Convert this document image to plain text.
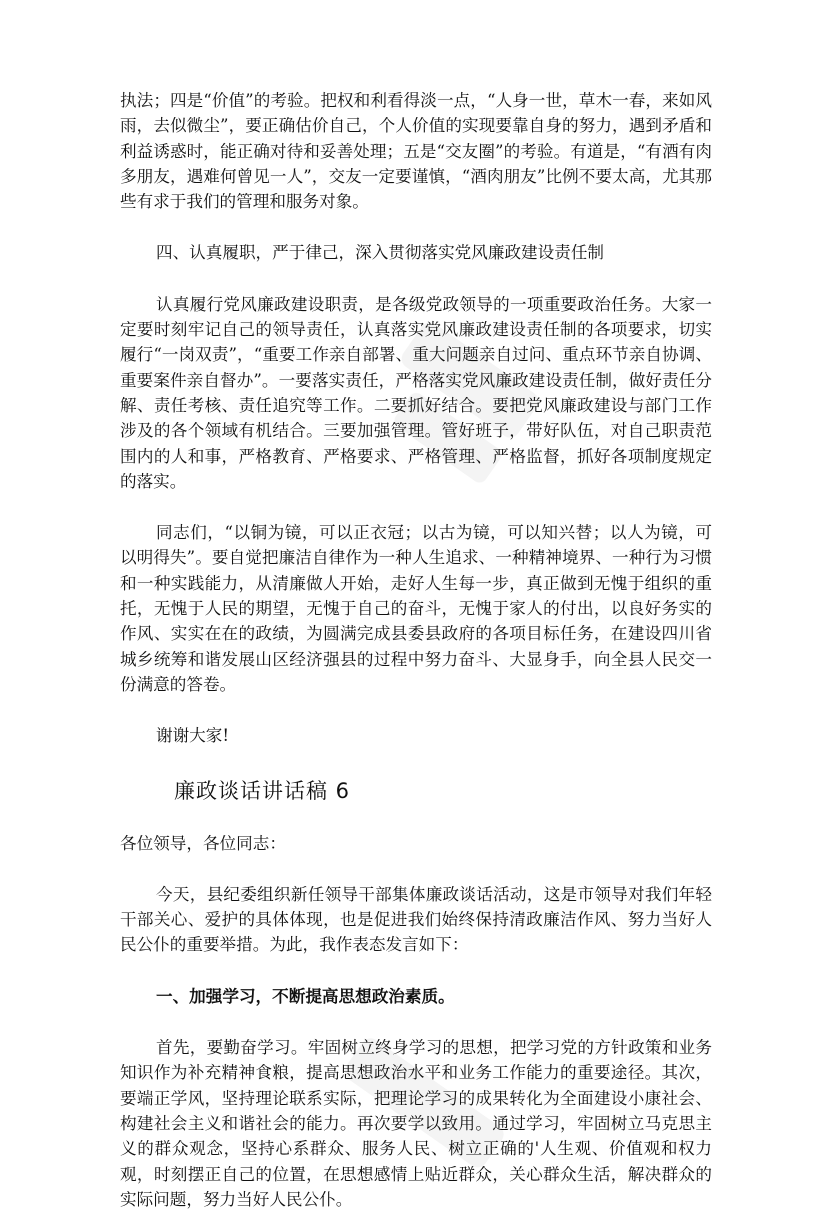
执法；四是“价值”的考验。把权和利看得淡一点，“人身一世，草木一春，来如风雨，去似微尘”，要正确估价自己，个人价值的实现要靠自身的努力，遇到矛盾和利益诱惑时，能正确对待和妥善处理；五是“交友圈”的考验。有道是，“有酒有肉多朋友，遇难何曾见一人”，交友一定要谨慎，“酒肉朋友”比例不要太高，尤其那些有求于我们的管理和服务对象。

四、认真履职，严于律己，深入贯彻落实党风廉政建设责任制

认真履行党风廉政建设职责，是各级党政领导的一项重要政治任务。大家一定要时刻牢记自己的领导责任，认真落实党风廉政建设责任制的各项要求，切实履行“一岗双责”，“重要工作亲自部署、重大问题亲自过问、重点环节亲自协调、重要案件亲自督办”。一要落实责任，严格落实党风廉政建设责任制，做好责任分解、责任考核、责任追究等工作。二要抓好结合。要把党风廉政建设与部门工作涉及的各个领域有机结合。三要加强管理。管好班子，带好队伍，对自己职责范围内的人和事，严格教育、严格要求、严格管理、严格监督，抓好各项制度规定的落实。

同志们，“以铜为镜，可以正衣冠；以古为镜，可以知兴替；以人为镜，可以明得失”。要自觉把廉洁自律作为一种人生追求、一种精神境界、一种行为习惯和一种实践能力，从清廉做人开始，走好人生每一步，真正做到无愧于组织的重托，无愧于人民的期望，无愧于自己的奋斗，无愧于家人的付出，以良好务实的作风、实实在在的政绩，为圆满完成县委县政府的各项目标任务，在建设四川省城乡统筹和谐发展山区经济强县的过程中努力奋斗、大显身手，向全县人民交一份满意的答卷。

谢谢大家!

廉政谈话讲话稿 6

各位领导，各位同志：

今天，县纪委组织新任领导干部集体廉政谈话活动，这是市领导对我们年轻干部关心、爱护的具体体现，也是促进我们始终保持清政廉洁作风、努力当好人民公仆的重要举措。为此，我作表态发言如下：

一、加强学习，不断提高思想政治素质。

首先，要勤奋学习。牢固树立终身学习的思想，把学习党的方针政策和业务知识作为补充精神食粮，提高思想政治水平和业务工作能力的重要途径。其次，要端正学风，坚持理论联系实际，把理论学习的成果转化为全面建设小康社会、构建社会主义和谐社会的能力。再次要学以致用。通过学习，牢固树立马克思主义的群众观念，坚持心系群众、服务人民、树立正确的'人生观、价值观和权力观，时刻摆正自己的位置，在思想感情上贴近群众，关心群众生活，解决群众的实际问题，努力当好人民公仆。
